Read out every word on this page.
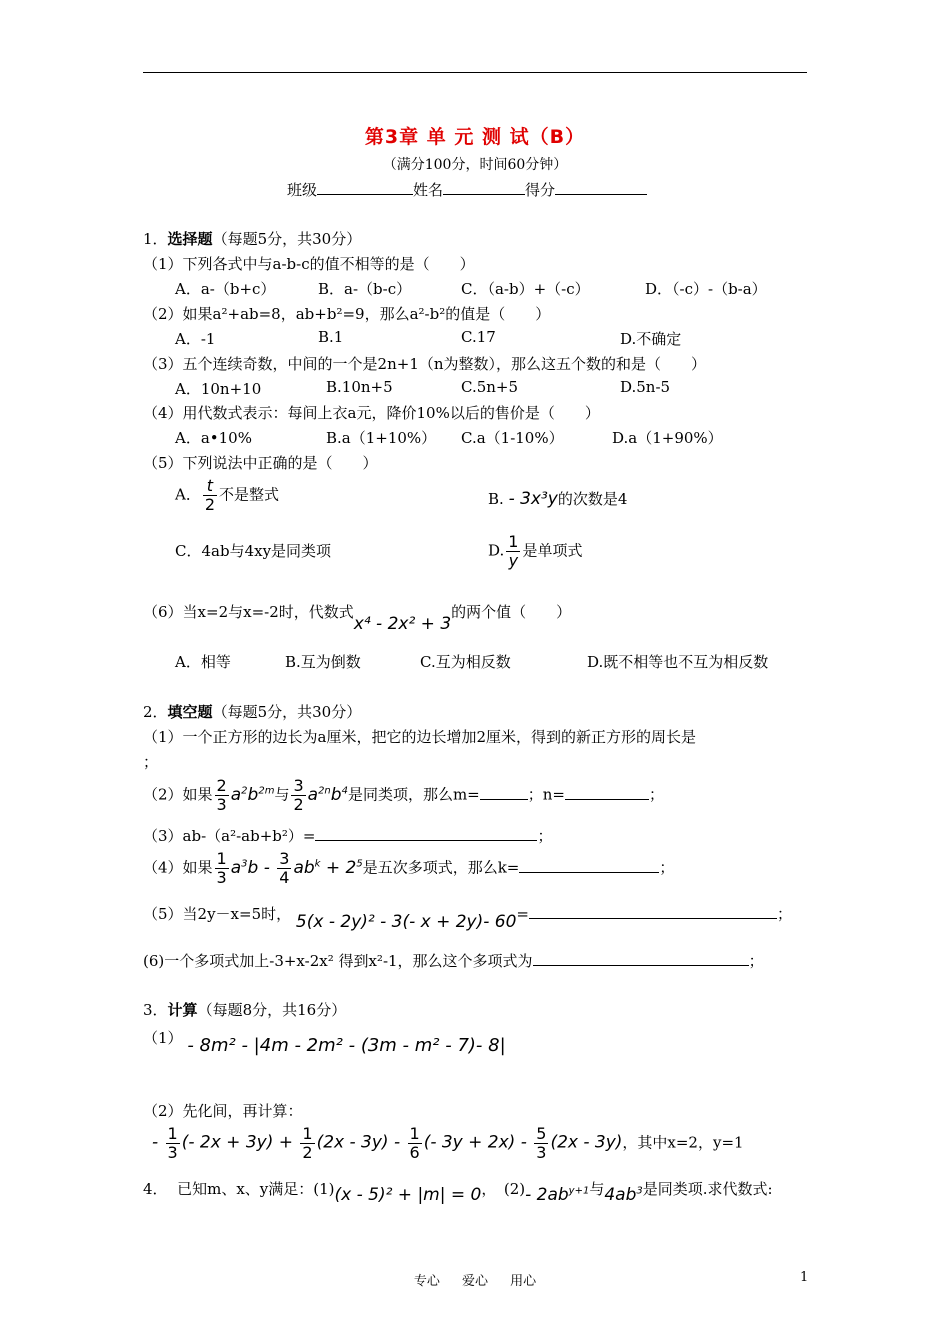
第3章 单 元 测 试（B）
（满分100分，时间60分钟）
班级	姓名	得分
1．选择题（每题5分，共30分）
（1）下列各式中与a-b-c的值不相等的是（　　）
A．a-（b+c）	B．a-（b-c）	C．（a-b）+（-c）	D．（-c）-（b-a）
（2）如果a²+ab=8，ab+b²=9，那么a²-b²的值是（　　）
A．-1	B.1	C.17	D.不确定
（3）五个连续奇数，中间的一个是2n+1（n为整数），那么这五个数的和是（　　）
A．10n+10	B.10n+5	C.5n+5	D.5n-5
（4）用代数式表示：每间上衣a元，降价10%以后的售价是（　　）
A．a•10%	B.a（1+10%） C.a（1-10%）	D.a（1+90%）
（5）下列说法中正确的是（　　）
A． $\frac{t}{2}$ 不是整式	B. - 3x³y的次数是4
C．4ab与4xy是同类项	D. $\frac{1}{y}$ 是单项式
（6）当x=2与x=-2时，代数式x⁴ - 2x² + 3的两个值（　　）
A．相等	B.互为倒数	C.互为相反数	D.既不相等也不互为相反数
2．填空题（每题5分，共30分）
（1）一个正方形的边长为a厘米，把它的边长增加2厘米，得到的新正方形的周长是
；
（2）如果 $\frac{2}{3} a^2b^{2m}$与 $\frac{3}{2} a^{2n}b^4$是同类项，那么m=	；n=	；
（3）ab-（a²-ab+b²）=	；
（4）如果 $\frac{1}{3} a^3b - \frac{3}{4} ab^k + 2^5$是五次多项式，那么k=	；
（5）当2y－x=5时， 5(x - 2y)² - 3(- x + 2y)- 60=	；
(6)一个多项式加上-3+x-2x² 得到x²-1，那么这个多项式为	；
3．计算（每题8分，共16分）
（1） - 8m² - |4m - 2m² - (3m - m² - 7)- 8|
（2）先化间，再计算：
- $\frac{1}{3}$ (- $2x + 3y) + \frac{1}{2} (2x - 3y) - \frac{1}{6}$ (- $3y + 2x) - \frac{5}{3} (2x - 3y)$，其中x=2，y=1
4． 已知m、x、y满足：(1)(x - 5)² + |m| = 0，　(2)- $2ab^{y+1}$与$4ab^3$是同类项.求代数式:
专心 爱心 用心	1
